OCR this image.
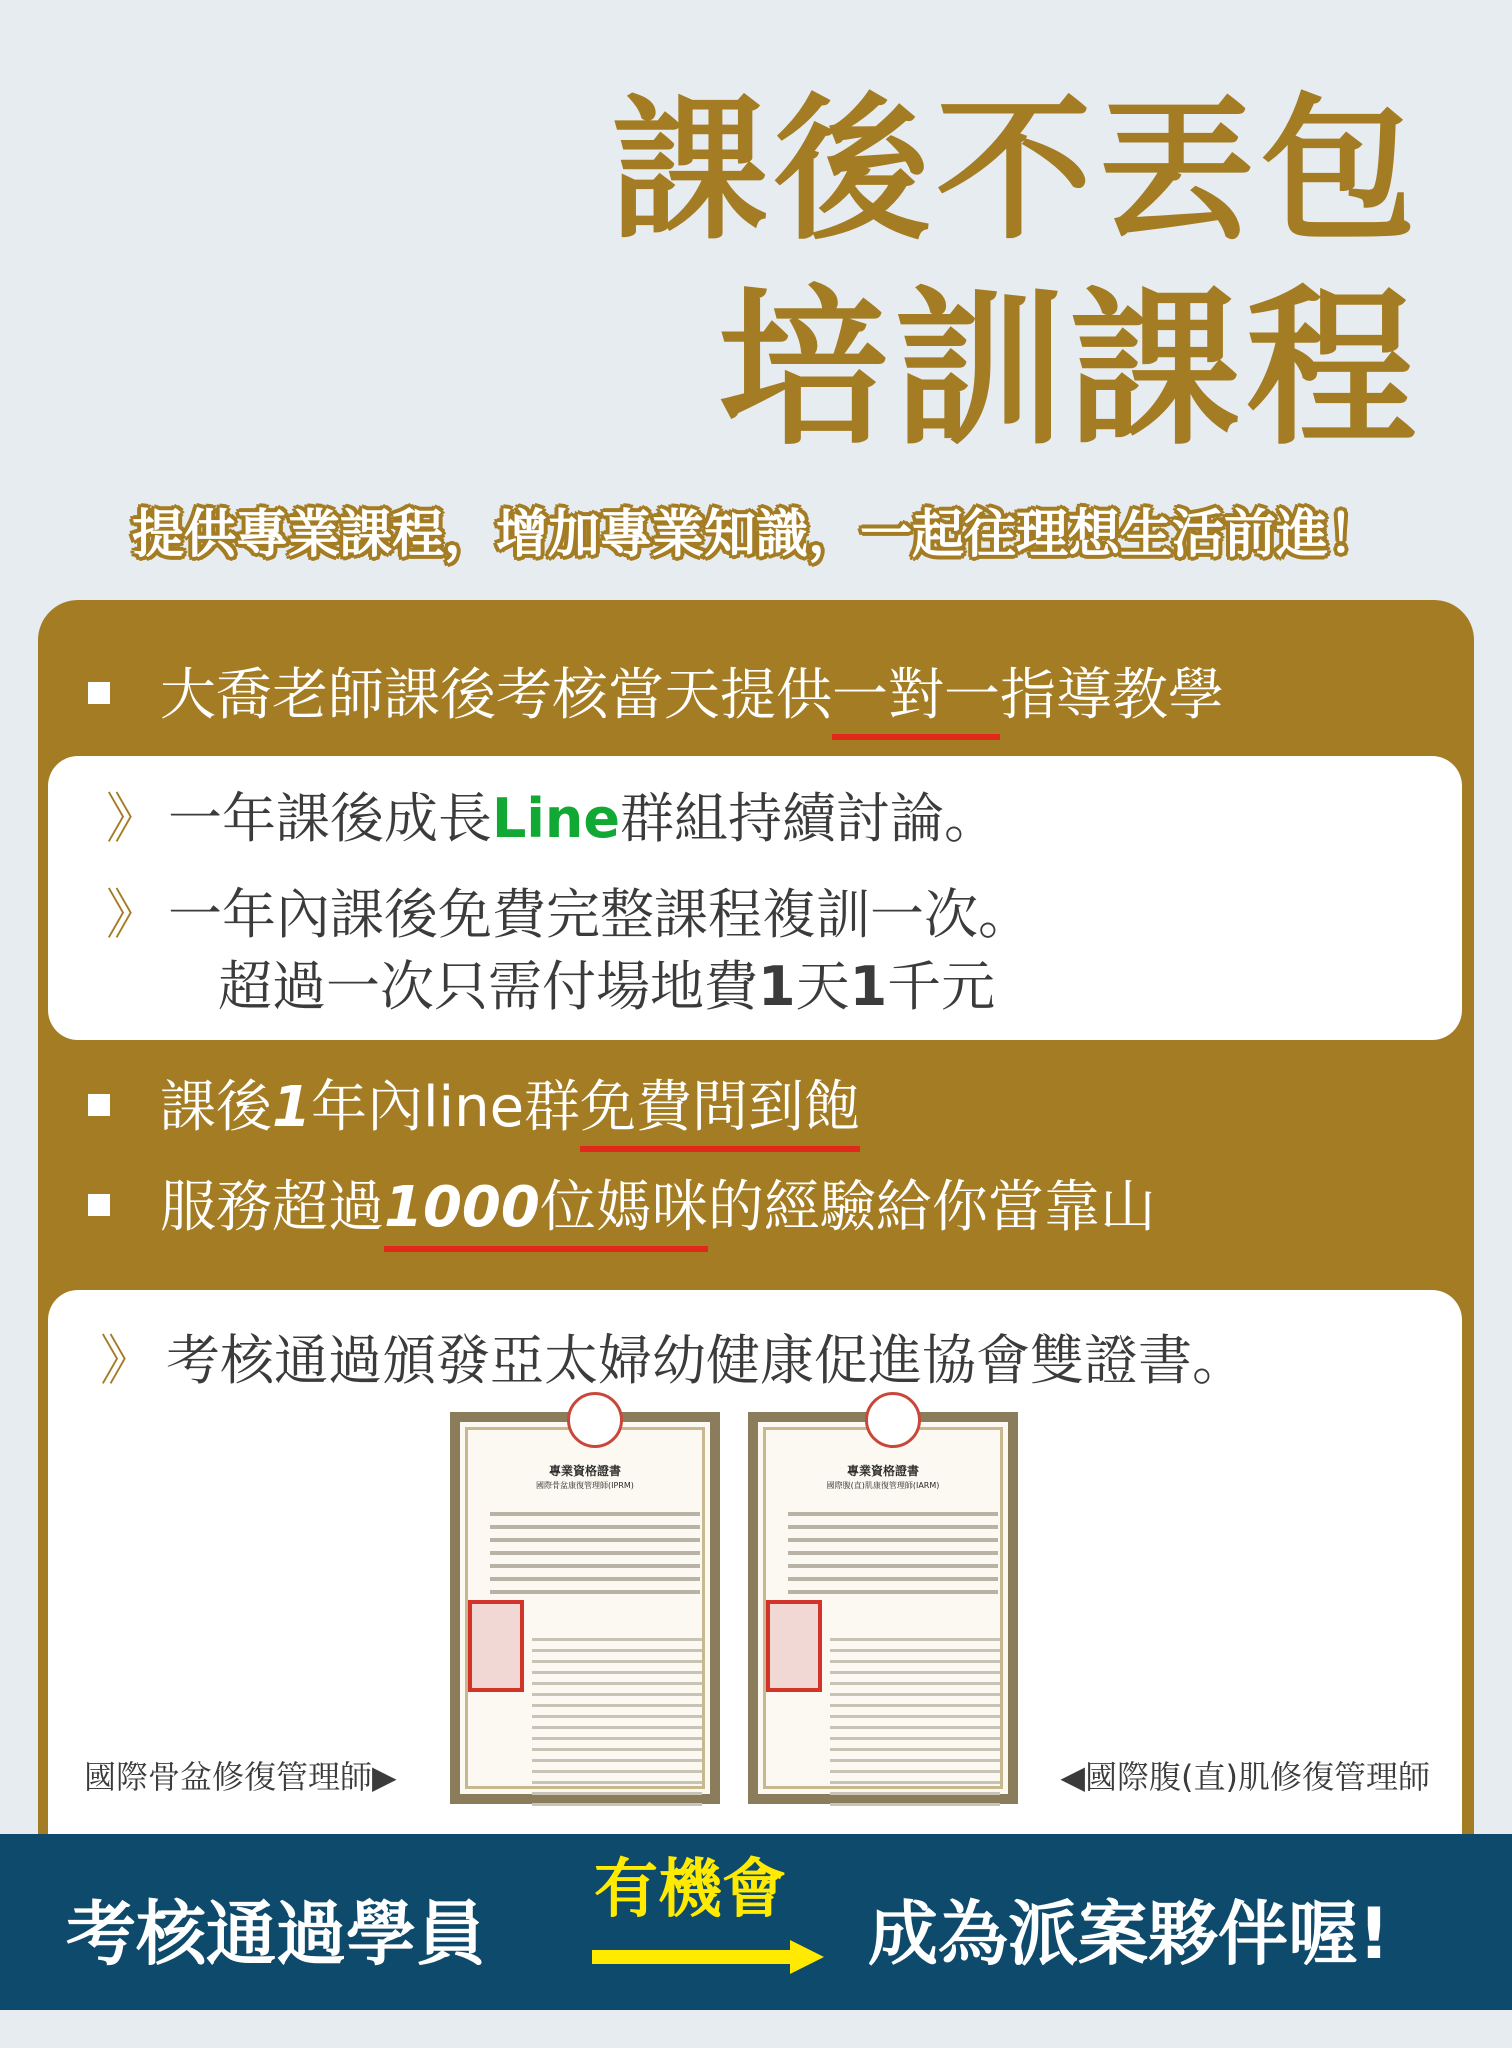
課後不丟包
培訓課程
提供專業課程，增加專業知識，一起往理想生活前進！
大喬老師課後考核當天提供一對一指導教學
》 一年課後成長Line群組持續討論。
》 一年內課後免費完整課程複訓一次。
超過一次只需付場地費1天1千元
課後1年內line群免費問到飽
服務超過1000位媽咪的經驗給你當靠山
》 考核通過頒發亞太婦幼健康促進協會雙證書。
專業資格證書
國際骨盆康復管理師(IPRM)
專業資格證書
國際腹(直)肌康復管理師(IARM)
國際骨盆修復管理師▶	◀國際腹(直)肌修復管理師
考核通過學員
有機會
成為派案夥伴喔!
